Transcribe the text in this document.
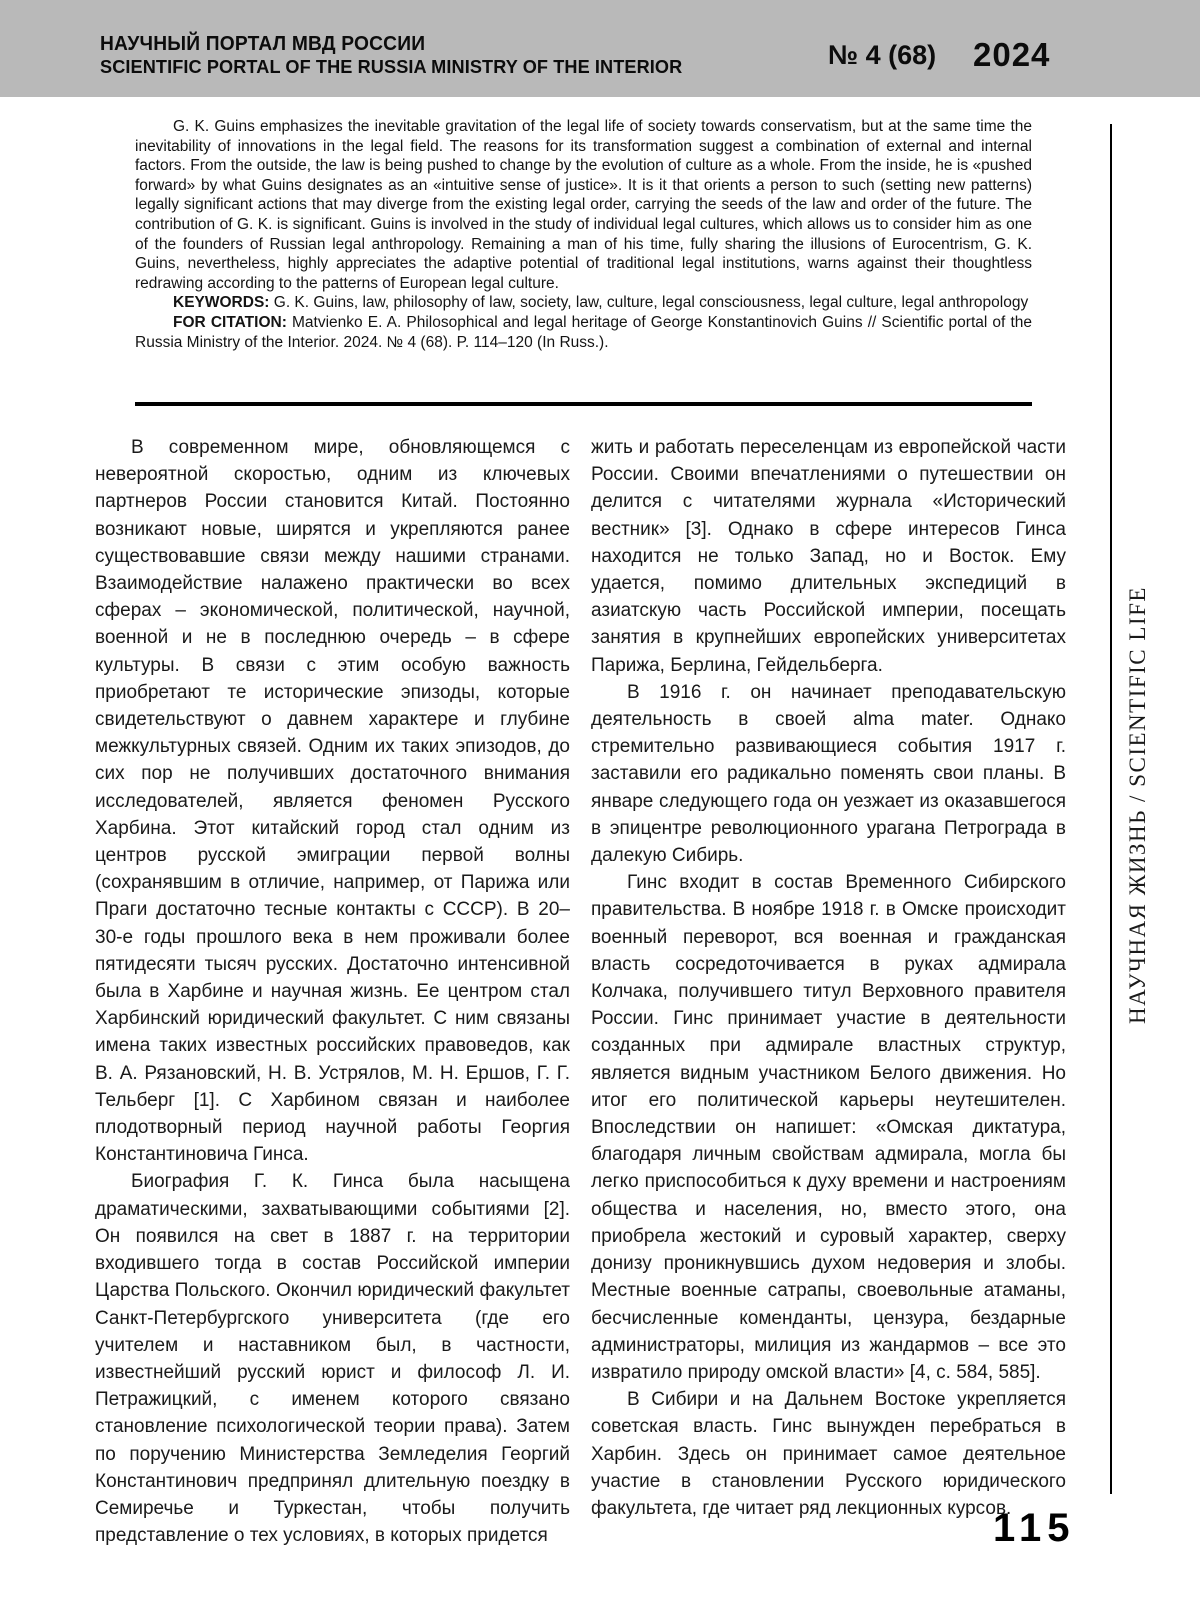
НАУЧНЫЙ ПОРТАЛ МВД РОССИИ
SCIENTIFIC PORTAL OF THE RUSSIA MINISTRY OF THE INTERIOR	№ 4 (68) 2024

G. K. Guins emphasizes the inevitable gravitation of the legal life of society towards conservatism, but at the same time the inevitability of innovations in the legal field. The reasons for its transformation suggest a combination of external and internal factors. From the outside, the law is being pushed to change by the evolution of culture as a whole. From the inside, he is «pushed forward» by what Guins designates as an «intuitive sense of justice». It is it that orients a person to such (setting new patterns) legally significant actions that may diverge from the existing legal order, carrying the seeds of the law and order of the future. The contribution of G. K. is significant. Guins is involved in the study of individual legal cultures, which allows us to consider him as one of the founders of Russian legal anthropology. Remaining a man of his time, fully sharing the illusions of Eurocentrism, G. K. Guins, nevertheless, highly appreciates the adaptive potential of traditional legal institutions, warns against their thoughtless redrawing according to the patterns of European legal culture.

KEYWORDS: G. K. Guins, law, philosophy of law, society, law, culture, legal consciousness, legal culture, legal anthropology

FOR CITATION: Matvienko E. A. Philosophical and legal heritage of George Konstantinovich Guins // Scientific portal of the Russia Ministry of the Interior. 2024. № 4 (68). P. 114–120 (In Russ.).

В современном мире, обновляющемся с невероятной скоростью, одним из ключевых партнеров России становится Китай. Постоянно возникают новые, ширятся и укрепляются ранее существовавшие связи между нашими странами. Взаимодействие налажено практически во всех сферах – экономической, политической, научной, военной и не в последнюю очередь – в сфере культуры. В связи с этим особую важность приобретают те исторические эпизоды, которые свидетельствуют о давнем характере и глубине межкультурных связей. Одним их таких эпизодов, до сих пор не получивших достаточного внимания исследователей, является феномен Русского Харбина. Этот китайский город стал одним из центров русской эмиграции первой волны (сохранявшим в отличие, например, от Парижа или Праги достаточно тесные контакты с СССР). В 20–30-е годы прошлого века в нем проживали более пятидесяти тысяч русских. Достаточно интенсивной была в Харбине и научная жизнь. Ее центром стал Харбинский юридический факультет. С ним связаны имена таких известных российских правоведов, как В. А. Рязановский, Н. В. Устрялов, М. Н. Ершов, Г. Г. Тельберг [1]. С Харбином связан и наиболее плодотворный период научной работы Георгия Константиновича Гинса.

Биография Г. К. Гинса была насыщена драматическими, захватывающими событиями [2]. Он появился на свет в 1887 г. на территории входившего тогда в состав Российской империи Царства Польского. Окончил юридический факультет Санкт-Петербургского университета (где его учителем и наставником был, в частности, известнейший русский юрист и философ Л. И. Петражицкий, с именем которого связано становление психологической теории права). Затем по поручению Министерства Земледелия Георгий Константинович предпринял длительную поездку в Семиречье и Туркестан, чтобы получить представление о тех условиях, в которых придется

жить и работать переселенцам из европейской части России. Своими впечатлениями о путешествии он делится с читателями журнала «Исторический вестник» [3]. Однако в сфере интересов Гинса находится не только Запад, но и Восток. Ему удается, помимо длительных экспедиций в азиатскую часть Российской империи, посещать занятия в крупнейших европейских университетах Парижа, Берлина, Гейдельберга.

В 1916 г. он начинает преподавательскую деятельность в своей alma mater. Однако стремительно развивающиеся события 1917 г. заставили его радикально поменять свои планы. В январе следующего года он уезжает из оказавшегося в эпицентре революционного урагана Петрограда в далекую Сибирь.

Гинс входит в состав Временного Сибирского правительства. В ноябре 1918 г. в Омске происходит военный переворот, вся военная и гражданская власть сосредоточивается в руках адмирала Колчака, получившего титул Верховного правителя России. Гинс принимает участие в деятельности созданных при адмирале властных структур, является видным участником Белого движения. Но итог его политической карьеры неутешителен. Впоследствии он напишет: «Омская диктатура, благодаря личным свойствам адмирала, могла бы легко приспособиться к духу времени и настроениям общества и населения, но, вместо этого, она приобрела жестокий и суровый характер, сверху донизу проникнувшись духом недоверия и злобы. Местные военные сатрапы, своевольные атаманы, бесчисленные коменданты, цензура, бездарные администраторы, милиция из жандармов – все это извратило природу омской власти» [4, с. 584, 585].

В Сибири и на Дальнем Востоке укрепляется советская власть. Гинс вынужден перебраться в Харбин. Здесь он принимает самое деятельное участие в становлении Русского юридического факультета, где читает ряд лекционных курсов.

НАУЧНАЯ ЖИЗНЬ / SCIENTIFIC LIFE
115
